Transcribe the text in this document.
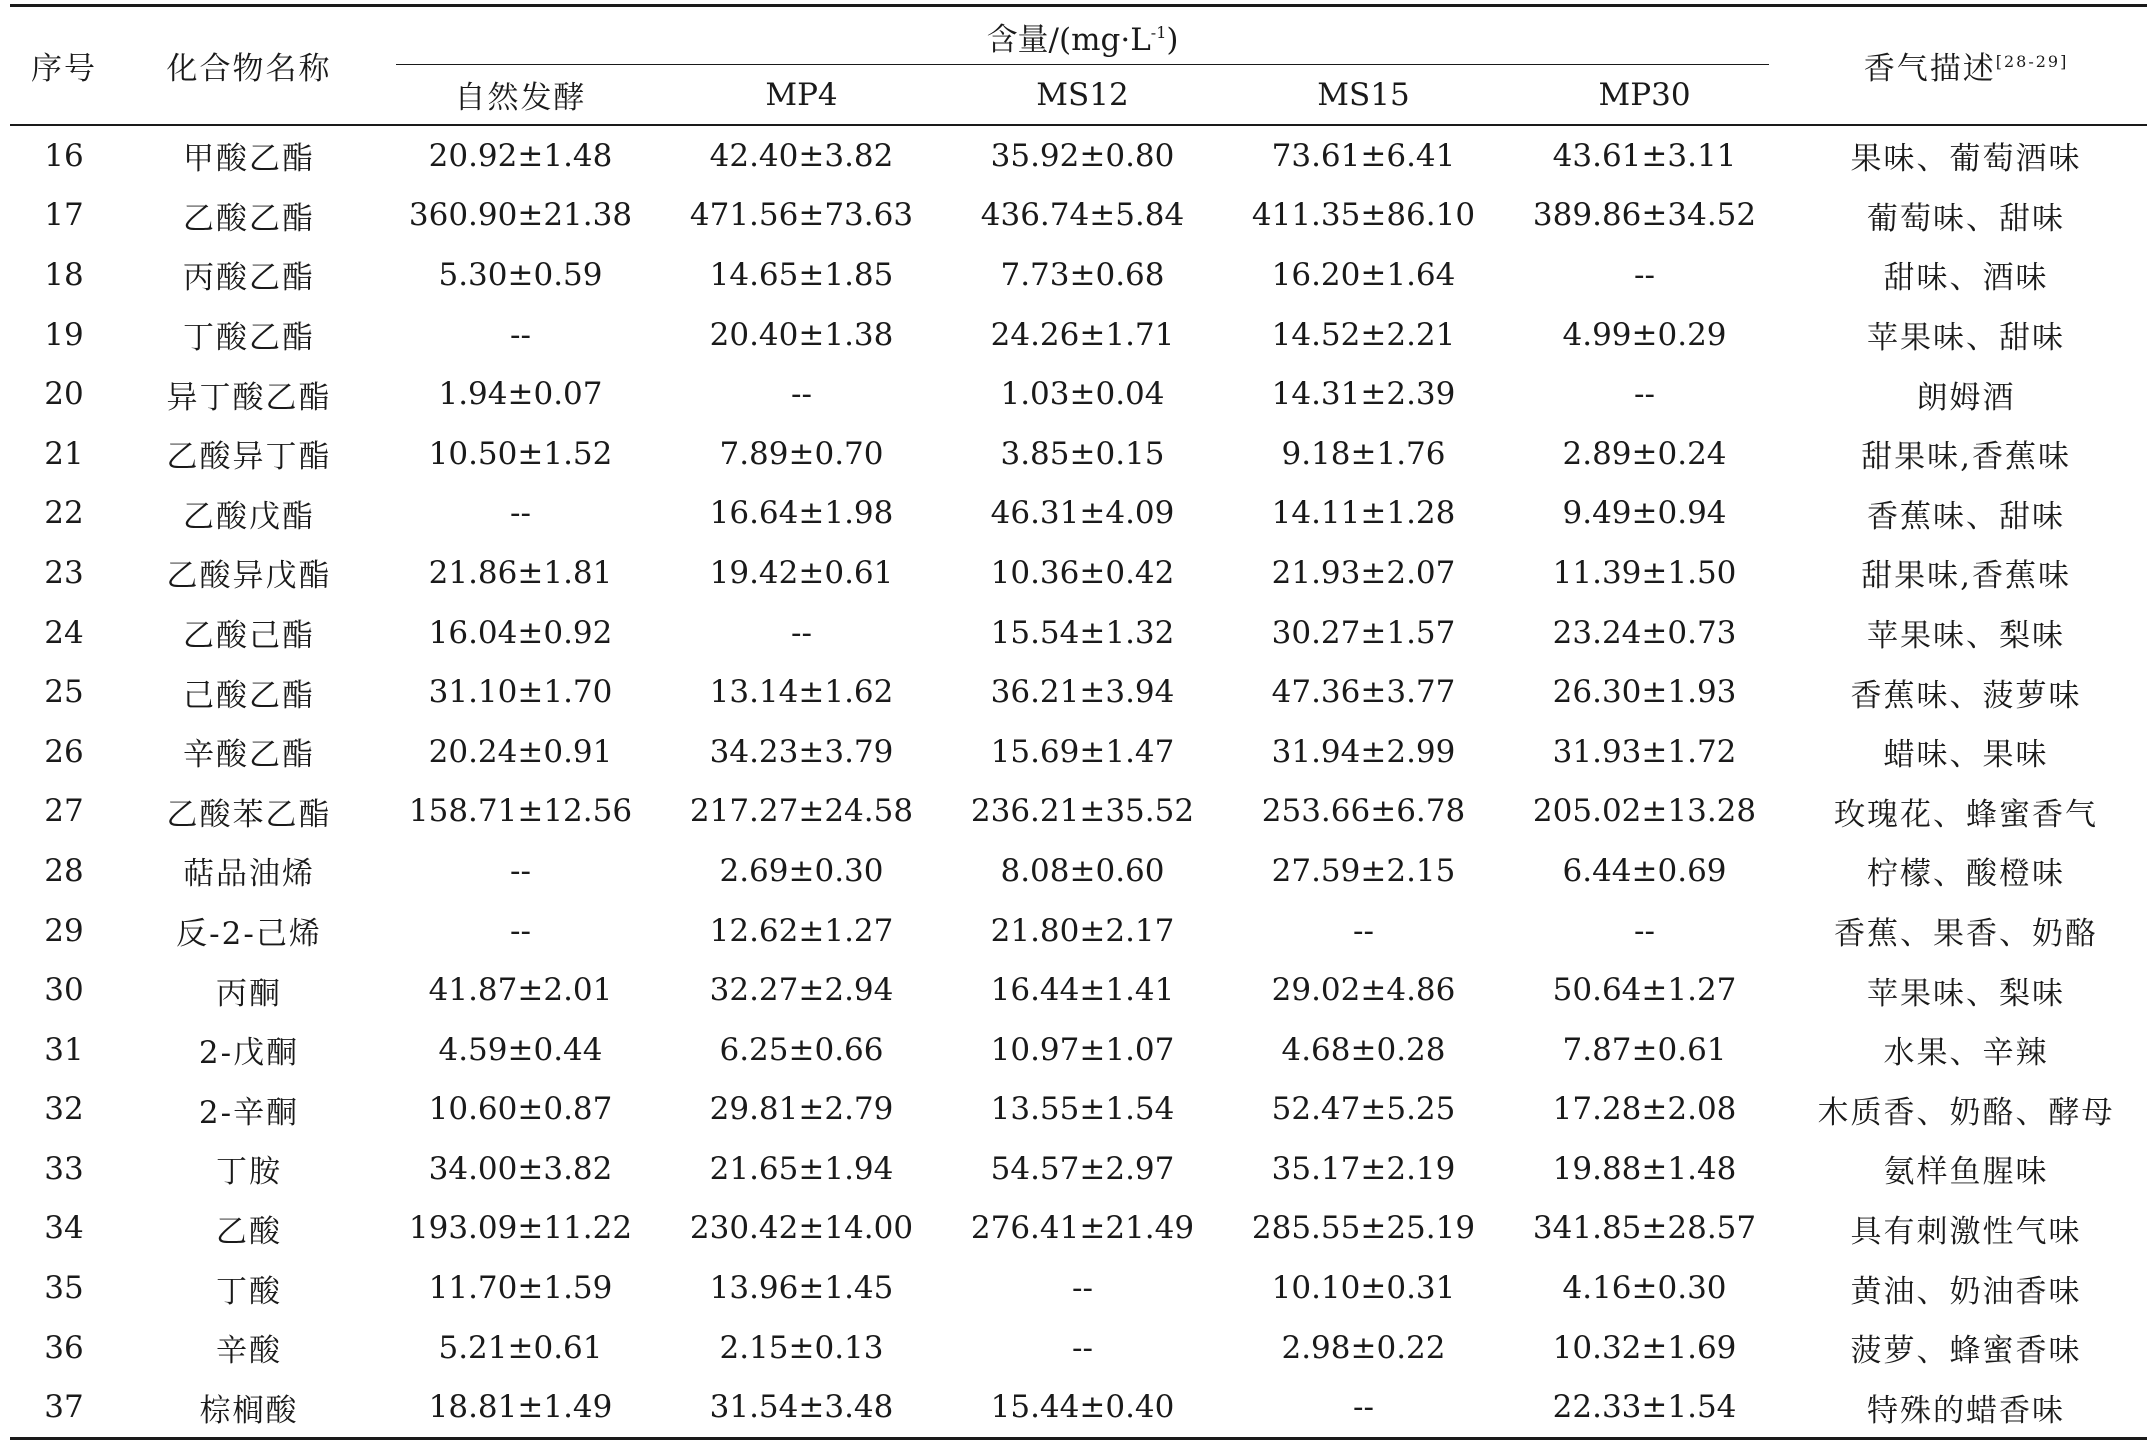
序号	化合物名称	含量$/(mg\cdot L^{-1})$					香气描述[28-29]
		自然发酵	MP4	MS12	MS15	MP30	
16	甲酸乙酯	20.92±1.48	42.40±3.82	35.92±0.80	73.61±6.41	43.61±3.11	果味、葡萄酒味
17	乙酸乙酯	360.90±21.38	471.56±73.63	436.74±5.84	411.35±86.10	389.86±34.52	葡萄味、甜味
18	丙酸乙酯	5.30±0.59	14.65±1.85	7.73±0.68	16.20±1.64	--	甜味、酒味
19	丁酸乙酯	--	20.40±1.38	24.26±1.71	14.52±2.21	4.99±0.29	苹果味、甜味
20	异丁酸乙酯	1.94±0.07	--	1.03±0.04	14.31±2.39	--	朗姆酒
21	乙酸异丁酯	10.50±1.52	7.89±0.70	3.85±0.15	9.18±1.76	2.89±0.24	甜果味,香蕉味
22	乙酸戊酯	--	16.64±1.98	46.31±4.09	14.11±1.28	9.49±0.94	香蕉味、甜味
23	乙酸异戊酯	21.86±1.81	19.42±0.61	10.36±0.42	21.93±2.07	11.39±1.50	甜果味,香蕉味
24	乙酸己酯	16.04±0.92	--	15.54±1.32	30.27±1.57	23.24±0.73	苹果味、梨味
25	己酸乙酯	31.10±1.70	13.14±1.62	36.21±3.94	47.36±3.77	26.30±1.93	香蕉味、菠萝味
26	辛酸乙酯	20.24±0.91	34.23±3.79	15.69±1.47	31.94±2.99	31.93±1.72	蜡味、果味
27	乙酸苯乙酯	158.71±12.56	217.27±24.58	236.21±35.52	253.66±6.78	205.02±13.28	玫瑰花、蜂蜜香气
28	萜品油烯	--	2.69±0.30	8.08±0.60	27.59±2.15	6.44±0.69	柠檬、酸橙味
29	反-2-己烯	--	12.62±1.27	21.80±2.17	--	--	香蕉、果香、奶酪
30	丙酮	41.87±2.01	32.27±2.94	16.44±1.41	29.02±4.86	50.64±1.27	苹果味、梨味
31	2-戊酮	4.59±0.44	6.25±0.66	10.97±1.07	4.68±0.28	7.87±0.61	水果、辛辣
32	2-辛酮	10.60±0.87	29.81±2.79	13.55±1.54	52.47±5.25	17.28±2.08	木质香、奶酪、酵母
33	丁胺	34.00±3.82	21.65±1.94	54.57±2.97	35.17±2.19	19.88±1.48	氨样鱼腥味
34	乙酸	193.09±11.22	230.42±14.00	276.41±21.49	285.55±25.19	341.85±28.57	具有刺激性气味
35	丁酸	11.70±1.59	13.96±1.45	--	10.10±0.31	4.16±0.30	黄油、奶油香味
36	辛酸	5.21±0.61	2.15±0.13	--	2.98±0.22	10.32±1.69	菠萝、蜂蜜香味
37	棕榈酸	18.81±1.49	31.54±3.48	15.44±0.40	--	22.33±1.54	特殊的蜡香味
